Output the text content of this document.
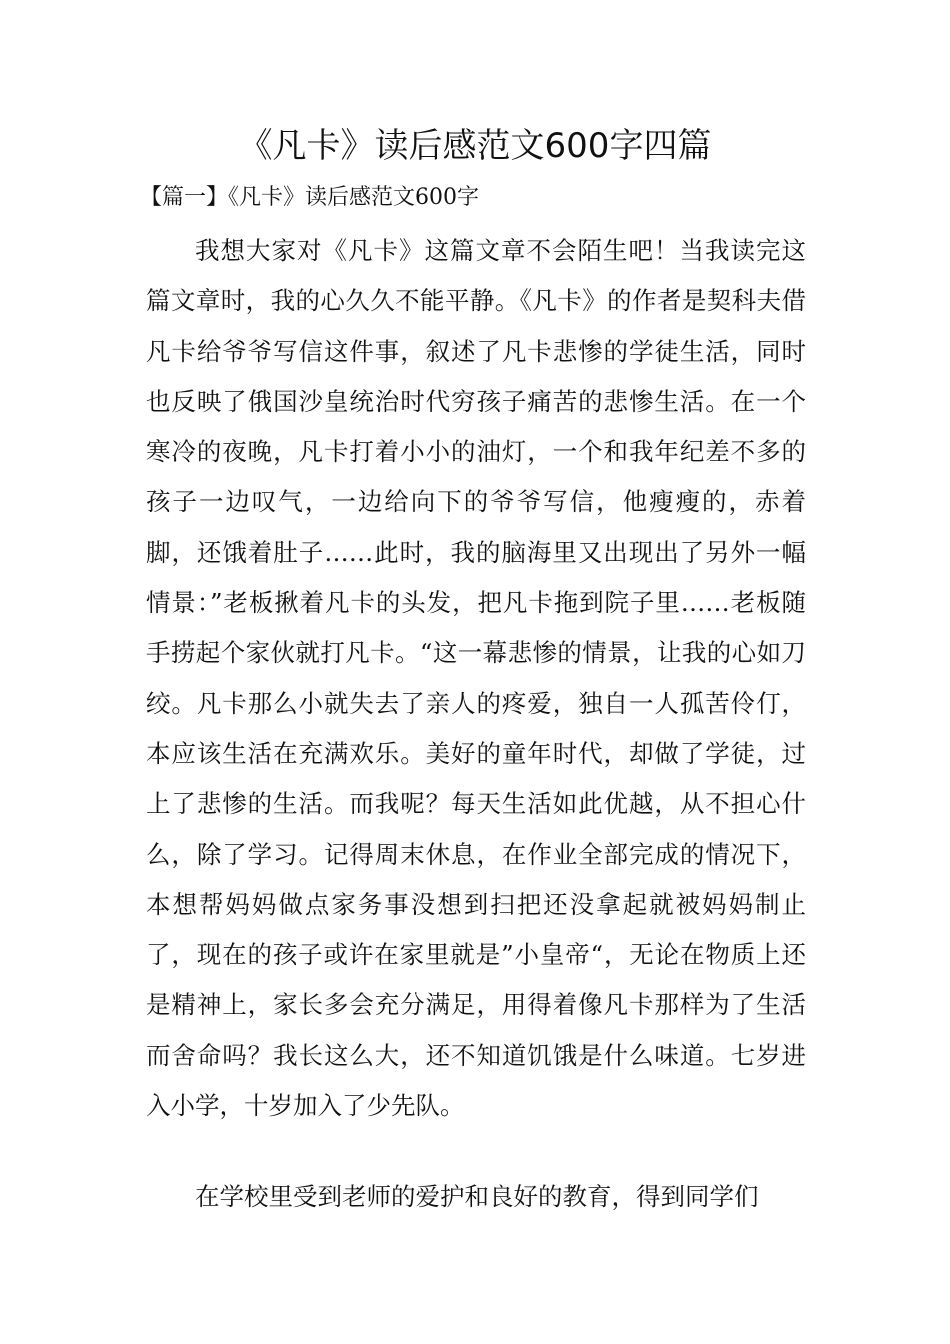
《凡卡》读后感范文600字四篇

【篇一】《凡卡》读后感范文600字

我想大家对《凡卡》这篇文章不会陌生吧！当我读完这篇文章时，我的心久久不能平静。《凡卡》的作者是契科夫借凡卡给爷爷写信这件事，叙述了凡卡悲惨的学徒生活，同时也反映了俄国沙皇统治时代穷孩子痛苦的悲惨生活。在一个寒冷的夜晚，凡卡打着小小的油灯，一个和我年纪差不多的孩子一边叹气，一边给向下的爷爷写信，他瘦瘦的，赤着脚，还饿着肚子……此时，我的脑海里又出现出了另外一幅情景：”老板揪着凡卡的头发，把凡卡拖到院子里……老板随手捞起个家伙就打凡卡。“这一幕悲惨的情景，让我的心如刀绞。凡卡那么小就失去了亲人的疼爱，独自一人孤苦伶仃，本应该生活在充满欢乐。美好的童年时代，却做了学徒，过上了悲惨的生活。而我呢？每天生活如此优越，从不担心什么，除了学习。记得周末休息，在作业全部完成的情况下，本想帮妈妈做点家务事没想到扫把还没拿起就被妈妈制止了，现在的孩子或许在家里就是”小皇帝“，无论在物质上还是精神上，家长多会充分满足，用得着像凡卡那样为了生活而舍命吗？我长这么大，还不知道饥饿是什么味道。七岁进入小学，十岁加入了少先队。

在学校里受到老师的爱护和良好的教育，得到同学们
